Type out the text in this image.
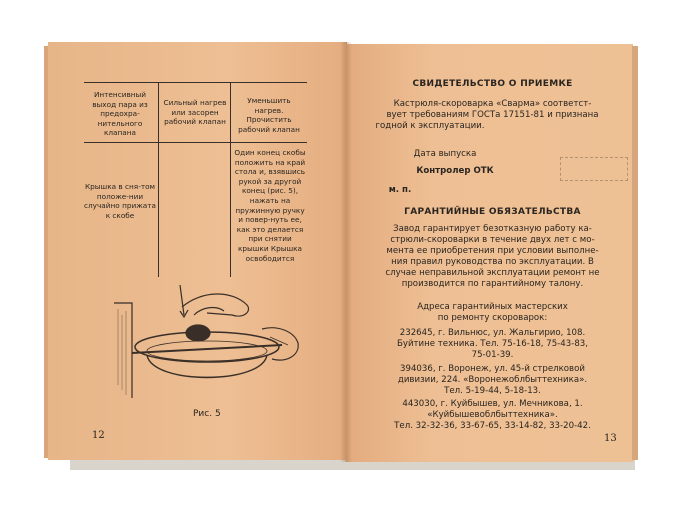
Интенсивный выход пара из предохра-нительного клапана
Сильный нагрев или засорен рабочий клапан
Уменьшить нагрев. Прочистить рабочий клапан
Крышка в сня-том положе-нии случайно прижата к скобе
Один конец скобы положить на край стола и, взявшись рукой за другой конец (рис. 5), нажать на пружинную ручку и повер-нуть ее, как это делается при снятии крышки Крышка освободится
Рис. 5
12
СВИДЕТЕЛЬСТВО О ПРИЕМКЕ
Кастрюля-скороварка «Сварма» соответст-
вует требованиям ГОСТа 17151-81 и признана
годной к эксплуатации.
Дата выпуска
Контролер ОТК
м. п.
ГАРАНТИЙНЫЕ ОБЯЗАТЕЛЬСТВА
Завод гарантирует безотказную работу ка-
стрюли-скороварки в течение двух лет с мо-
мента ее приобретения при условии выполне-
ния правил руководства по эксплуатации. В
случае неправильной эксплуатации ремонт не
производится по гарантийному талону.
Адреса гарантийных мастерских
по ремонту скороварок:
232645, г. Вильнюс, ул. Жальгирио, 108.
Буйтине техника. Тел. 75-16-18, 75-43-83,
75-01-39.
394036, г. Воронеж, ул. 45-й стрелковой
дивизии, 224. «Воронежоблбыттехника».
Тел. 5-19-44, 5-18-13.
443030, г. Куйбышев, ул. Мечникова, 1.
«Куйбышевоблбыттехника».
Тел. 32-32-36, 33-67-65, 33-14-82, 33-20-42.
13
